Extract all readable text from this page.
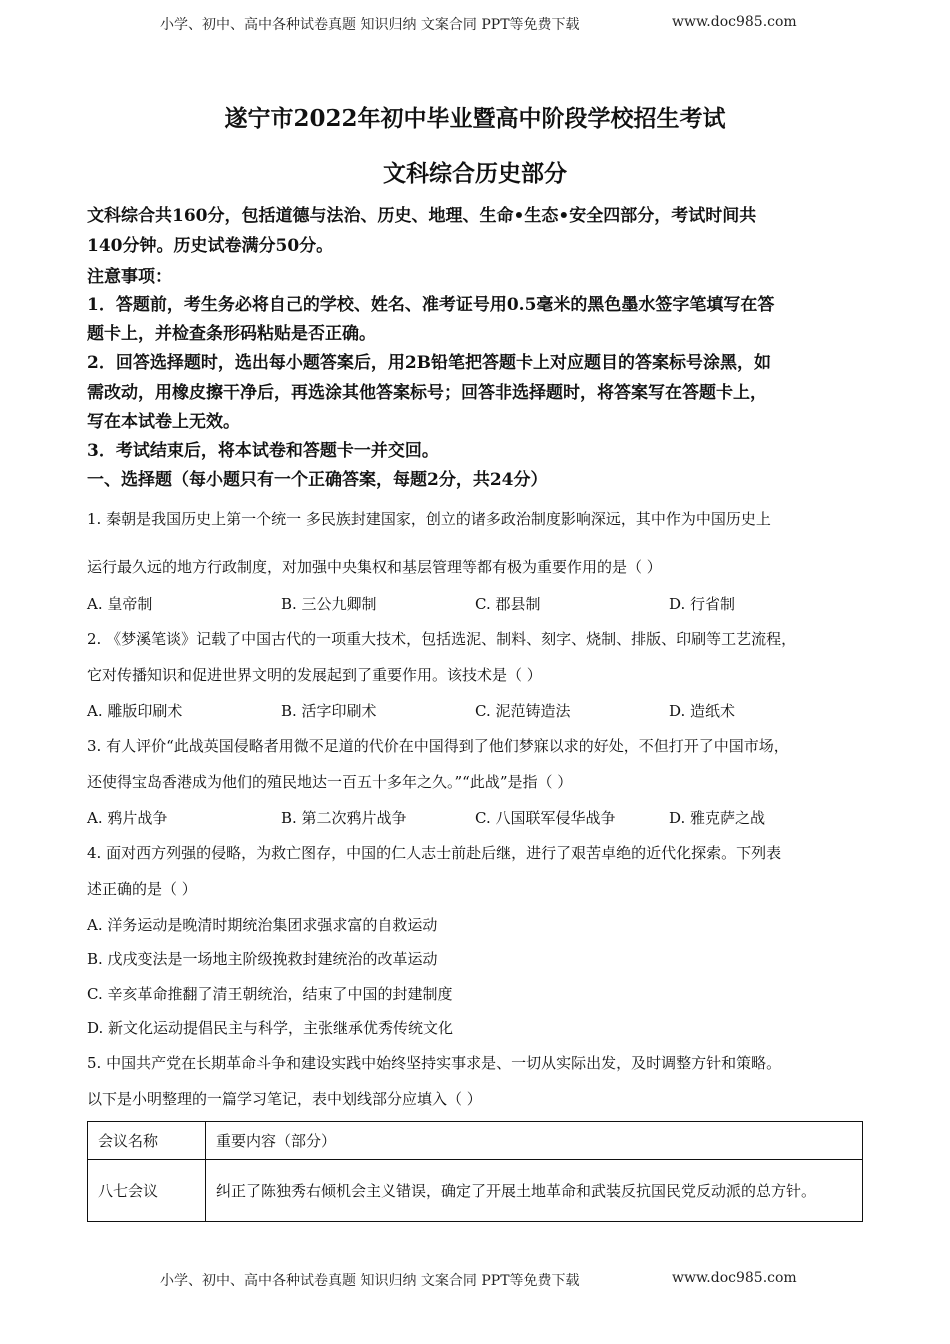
小学、初中、高中各种试卷真题 知识归纳 文案合同 PPT等免费下载	www.doc985.com
遂宁市2022年初中毕业暨高中阶段学校招生考试
文科综合历史部分
文科综合共160分，包括道德与法治、历史、地理、生命•生态•安全四部分，考试时间共
140分钟。历史试卷满分50分。
注意事项：
1．答题前，考生务必将自己的学校、姓名、准考证号用0.5毫米的黑色墨水签字笔填写在答
题卡上，并检查条形码粘贴是否正确。
2．回答选择题时，选出每小题答案后，用2B铅笔把答题卡上对应题目的答案标号涂黑，如
需改动，用橡皮擦干净后，再选涂其他答案标号；回答非选择题时，将答案写在答题卡上，
写在本试卷上无效。
3．考试结束后，将本试卷和答题卡一并交回。
一、选择题（每小题只有一个正确答案，每题2分，共24分）
1. 秦朝是我国历史上第一个统一 多民族封建国家，创立的诸多政治制度影响深远，其中作为中国历史上
运行最久远的地方行政制度，对加强中央集权和基层管理等都有极为重要作用的是（ ）
A. 皇帝制	B. 三公九卿制	C. 郡县制	D. 行省制
2. 《梦溪笔谈》记载了中国古代的一项重大技术，包括选泥、制料、刻字、烧制、排版、印刷等工艺流程，
它对传播知识和促进世界文明的发展起到了重要作用。该技术是（ ）
A. 雕版印刷术	B. 活字印刷术	C. 泥范铸造法	D. 造纸术
3. 有人评价“此战英国侵略者用微不足道的代价在中国得到了他们梦寐以求的好处，不但打开了中国市场，
还使得宝岛香港成为他们的殖民地达一百五十多年之久。”“此战”是指（ ）
A. 鸦片战争	B. 第二次鸦片战争	C. 八国联军侵华战争	D. 雅克萨之战
4. 面对西方列强的侵略，为救亡图存，中国的仁人志士前赴后继，进行了艰苦卓绝的近代化探索。下列表
述正确的是（ ）
A. 洋务运动是晚清时期统治集团求强求富的自救运动
B. 戊戌变法是一场地主阶级挽救封建统治的改革运动
C. 辛亥革命推翻了清王朝统治，结束了中国的封建制度
D. 新文化运动提倡民主与科学，主张继承优秀传统文化
5. 中国共产党在长期革命斗争和建设实践中始终坚持实事求是、一切从实际出发，及时调整方针和策略。
以下是小明整理的一篇学习笔记，表中划线部分应填入（ ）
会议名称	重要内容（部分）
八七会议	纠正了陈独秀右倾机会主义错误，确定了开展土地革命和武装反抗国民党反动派的总方针。
小学、初中、高中各种试卷真题 知识归纳 文案合同 PPT等免费下载	www.doc985.com
